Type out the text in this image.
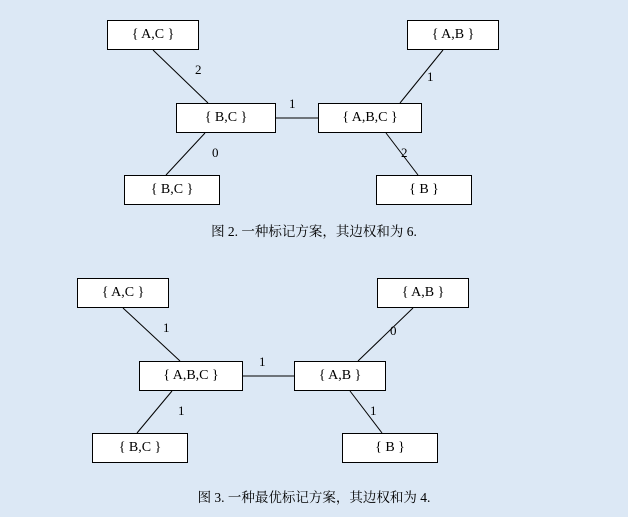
{ A,C }	{ A,B }
{ B,C }	{ A,B,C }
{ B,C }	{ B }
2	1
1
0	2
图 2. 一种标记方案，其边权和为 6.
{ A,C }	{ A,B }
{ A,B,C }	{ A,B }
{ B,C }	{ B }
1	0
1
1	1
图 3. 一种最优标记方案，其边权和为 4.
